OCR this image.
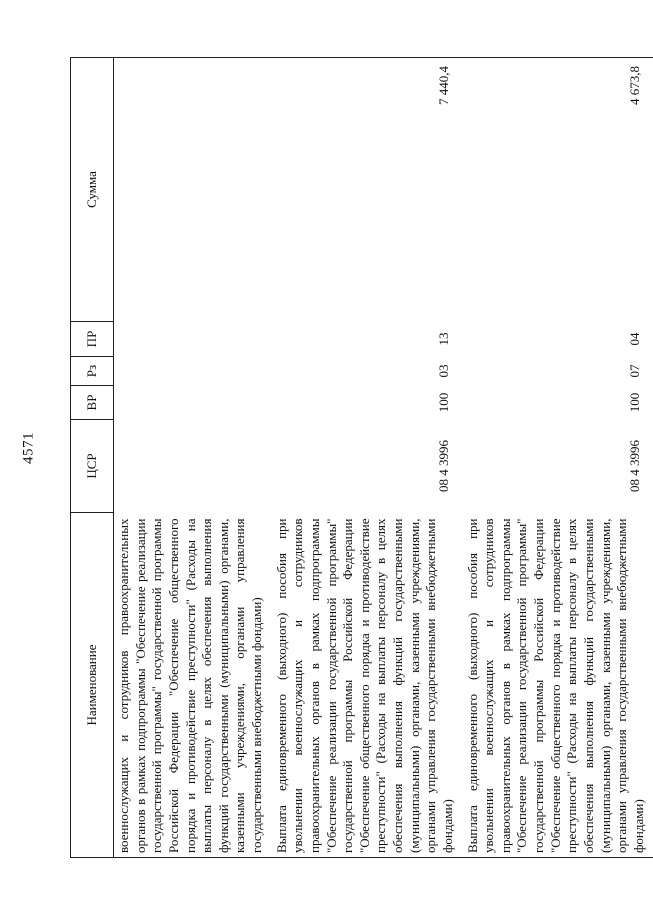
4571
Наименование	ЦСР	ВР	Рз	ПР	Сумма
военнослужащих и сотрудников правоохранительных органов в рамках подпрограммы "Обеспечение реализации государственной программы" государственной программы Российской Федерации "Обеспечение общественного порядка и противодействие преступности" (Расходы на выплаты персоналу в целях обеспечения выполнения функций государственными (муниципальными) органами, казенными учреждениями, органами управления государственными внебюджетными фондами)					
Выплата единовременного (выходного) пособия при увольнении военнослужащих и сотрудников правоохранительных органов в рамках подпрограммы "Обеспечение реализации государственной программы" государственной программы Российской Федерации "Обеспечение общественного порядка и противодействие преступности" (Расходы на выплаты персоналу в целях обеспечения выполнения функций государственными (муниципальными) органами, казенными учреждениями, органами управления государственными внебюджетными фондами)	08 4 3996	100	03	13	7 440,4
Выплата единовременного (выходного) пособия при увольнении военнослужащих и сотрудников правоохранительных органов в рамках подпрограммы "Обеспечение реализации государственной программы" государственной программы Российской Федерации "Обеспечение общественного порядка и противодействие преступности" (Расходы на выплаты персоналу в целях обеспечения выполнения функций государственными (муниципальными) органами, казенными учреждениями, органами управления государственными внебюджетными фондами)	08 4 3996	100	07	04	4 673,8
